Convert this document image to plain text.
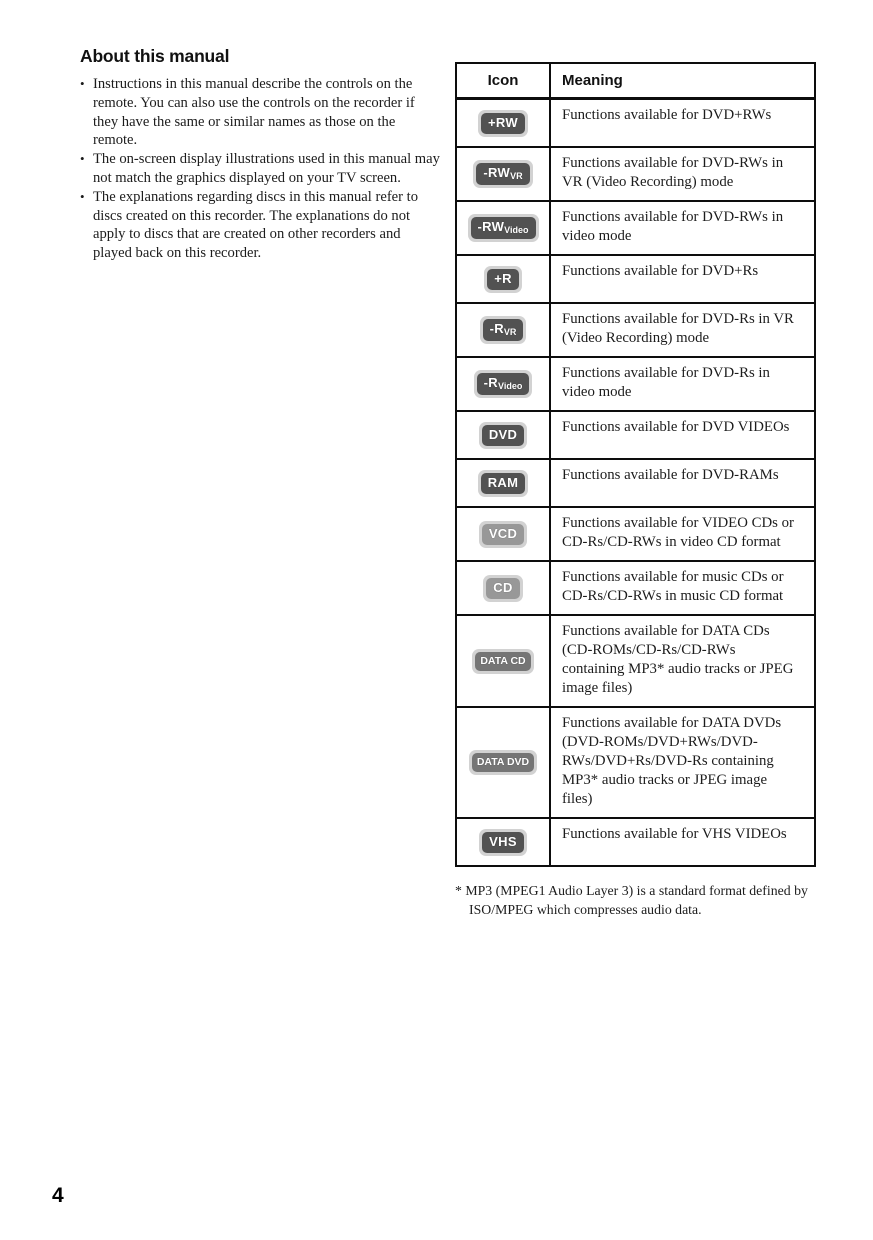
About this manual
• Instructions in this manual describe the controls on the remote. You can also use the controls on the recorder if they have the same or similar names as those on the remote.
• The on-screen display illustrations used in this manual may not match the graphics displayed on your TV screen.
• The explanations regarding discs in this manual refer to discs created on this recorder. The explanations do not apply to discs that are created on other recorders and played back on this recorder.
Icon	Meaning
+RW	Functions available for DVD+RWs
-RWVR	Functions available for DVD-RWs in VR (Video Recording) mode
-RWVideo	Functions available for DVD-RWs in video mode
+R	Functions available for DVD+Rs
-RVR	Functions available for DVD-Rs in VR (Video Recording) mode
-RVideo	Functions available for DVD-Rs in video mode
DVD	Functions available for DVD VIDEOs
RAM	Functions available for DVD-RAMs
VCD	Functions available for VIDEO CDs or CD-Rs/CD-RWs in video CD format
CD	Functions available for music CDs or CD-Rs/CD-RWs in music CD format
DATA CD	Functions available for DATA CDs (CD-ROMs/CD-Rs/CD-RWs containing MP3* audio tracks or JPEG image files)
DATA DVD	Functions available for DATA DVDs (DVD-ROMs/DVD+RWs/DVD-RWs/DVD+Rs/DVD-Rs containing MP3* audio tracks or JPEG image files)
VHS	Functions available for VHS VIDEOs

* MP3 (MPEG1 Audio Layer 3) is a standard format defined by ISO/MPEG which compresses audio data.

4
